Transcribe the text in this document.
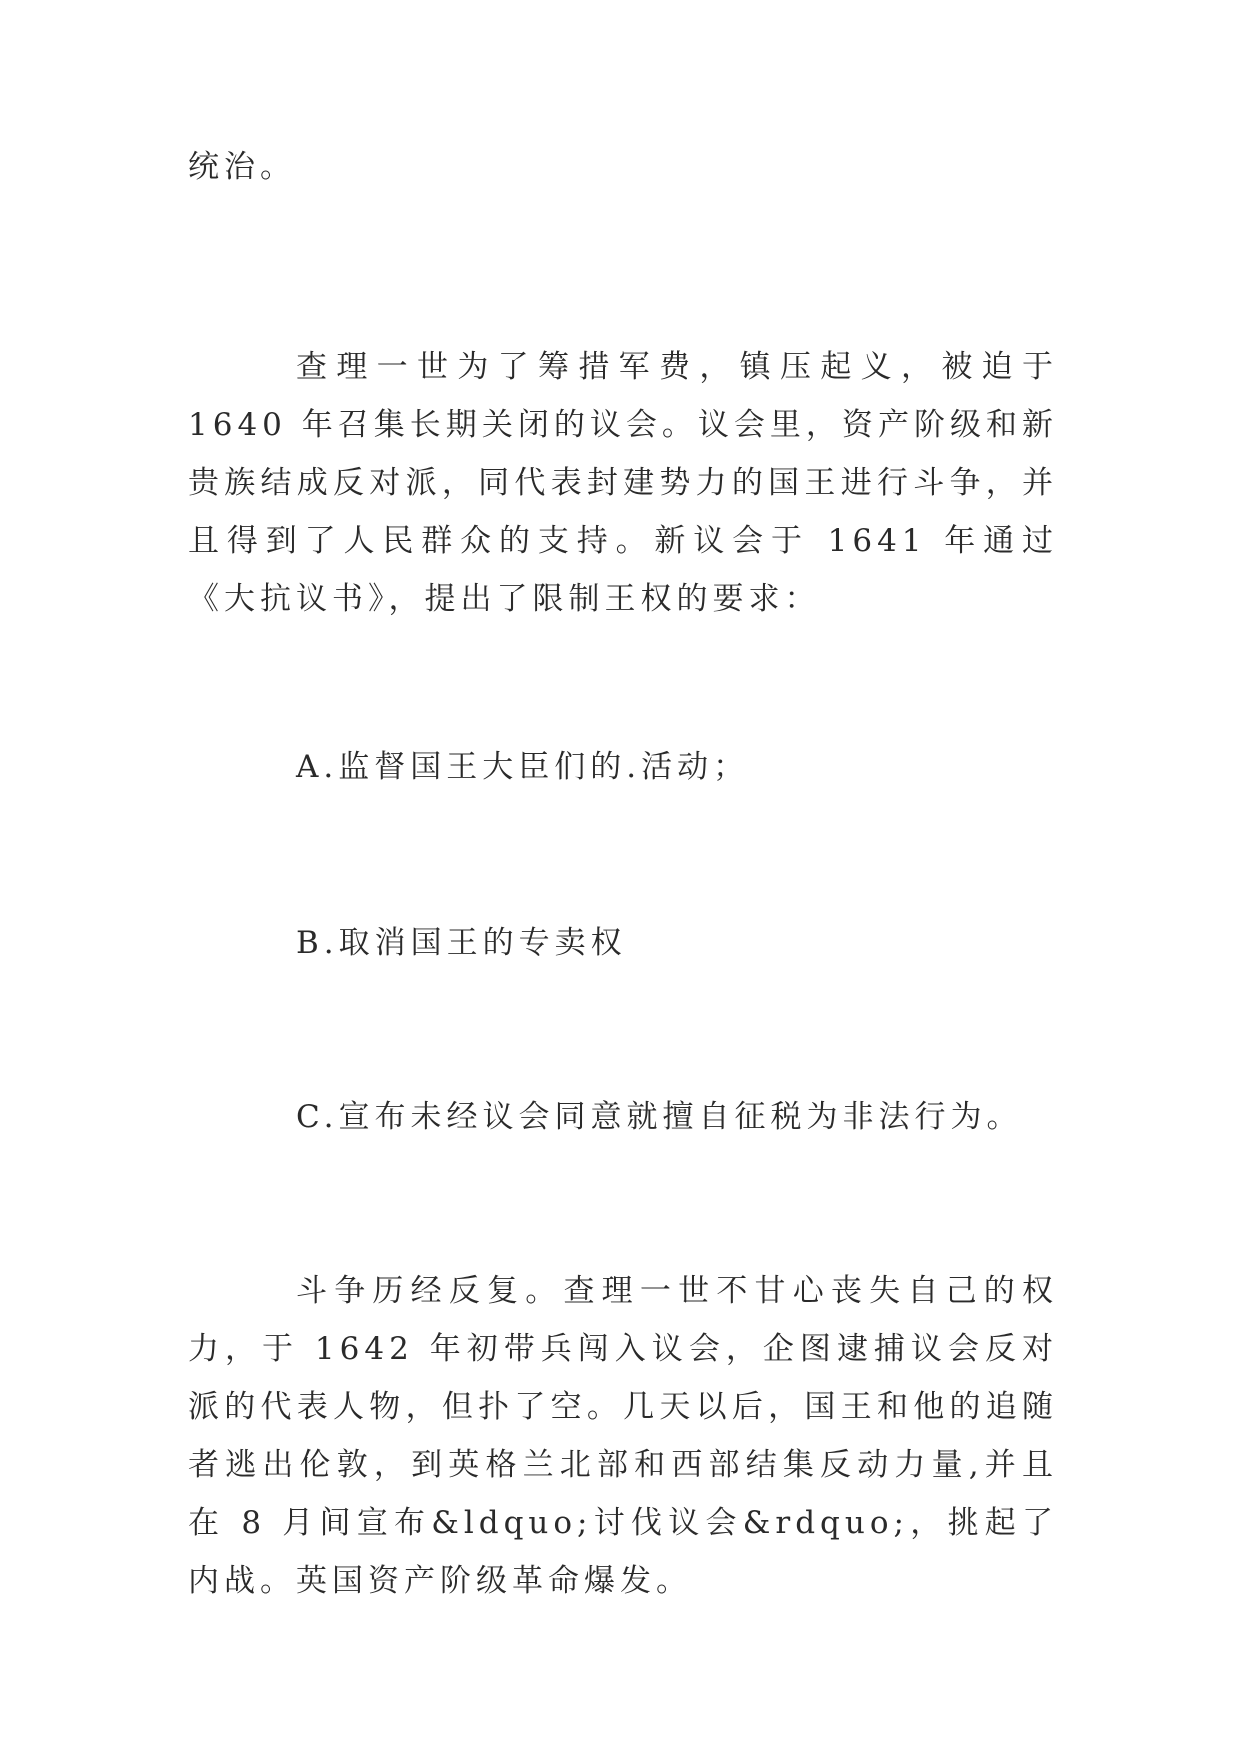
统治。

查理一世为了筹措军费，镇压起义，被迫于 1640 年召集长期关闭的议会。议会里，资产阶级和新贵族结成反对派，同代表封建势力的国王进行斗争，并且得到了人民群众的支持。新议会于 1641 年通过《大抗议书》，提出了限制王权的要求：

A.监督国王大臣们的.活动；

B.取消国王的专卖权

C.宣布未经议会同意就擅自征税为非法行为。

斗争历经反复。查理一世不甘心丧失自己的权力，于 1642 年初带兵闯入议会，企图逮捕议会反对派的代表人物，但扑了空。几天以后，国王和他的追随者逃出伦敦，到英格兰北部和西部结集反动力量,并且在 8 月间宣布&ldquo;讨伐议会&rdquo;，挑起了内战。英国资产阶级革命爆发。
